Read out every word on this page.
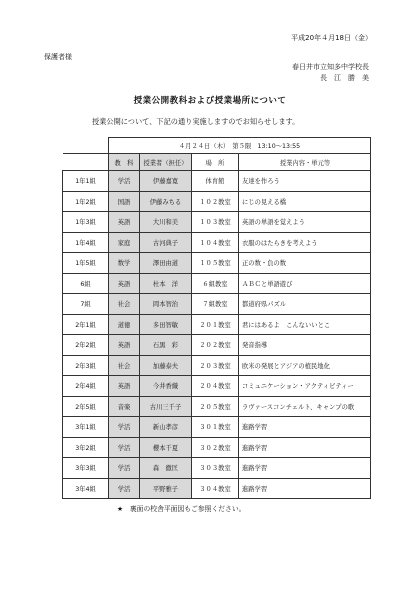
平成20年４月18日（金）
保護者様
春日井市立知多中学校長
長　江　勝　美
授業公開教科および授業場所について
授業公開について、下記の通り実施しますのでお知らせします。
	４月２４日（木）　第５限　13:10～13:55			
	教　科	授業者（担任）	場　所	授業内容・単元等
1年1組	学活	伊藤嘉寛	体育館	友達を作ろう
1年2組	国語	伊藤みちる	１０２教室	にじの見える橋
1年3組	英語	大川和美	１０３教室	英語の単語を覚えよう
1年4組	家庭	古河典子	１０４教室	衣服のはたらきを考えよう
1年5組	数学	澤田由道	１０５教室	正の数・負の数
6組	英語	杜本　洋	６組教室	ＡＢＣと単語遊び
7組	社会	岡本智治	７組教室	都道府県パズル
2年1組	道徳	多田智敏	２０１教室	君にはあるよ　こんないいとこ
2年2組	英語	石黒　彩	２０２教室	発音指導
2年3組	社会	加藤泰夫	２０３教室	欧米の発展とアジアの植民地化
2年4組	英語	今井香織	２０４教室	コミュニケーション・アクティビティー
2年5組	音楽	古川三千子	２０５教室	ラヴァースコンチェルト、キャンプの歌
3年1組	学活	新山孝彦	３０１教室	進路学習
3年2組	学活	櫻本千夏	３０２教室	進路学習
3年3組	学活	森　徹匡	３０３教室	進路学習
3年4組	学活	平野雅子	３０４教室	進路学習
★　裏面の校舎平面図もご参照ください。
